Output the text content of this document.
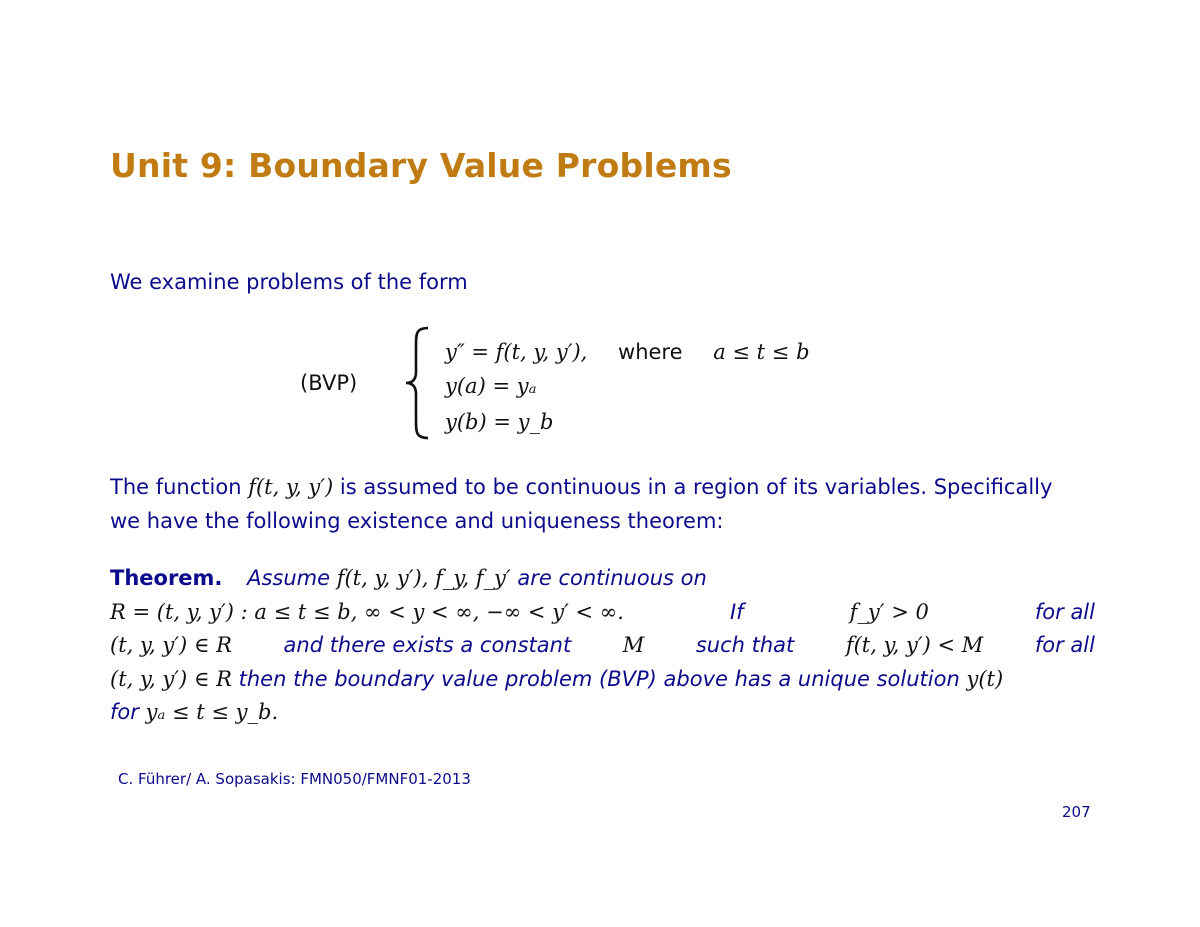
Unit 9: Boundary Value Problems
We examine problems of the form
(BVP)
y″ = f(t, y, y′), where a ≤ t ≤ b
y(a) = yₐ
y(b) = y_b
The function f(t, y, y′) is assumed to be continuous in a region of its variables. Specifically
we have the following existence and uniqueness theorem:
Theorem. Assume f(t, y, y′), f_y, f_y′ are continuous on
R = (t, y, y′) : a ≤ t ≤ b, ∞ < y < ∞, −∞ < y′ < ∞.	If	f_y′ > 0	for all
(t, y, y′) ∈ R and there exists a constant M such that f(t, y, y′) < M for all
(t, y, y′) ∈ R then the boundary value problem (BVP) above has a unique solution y(t)
for yₐ ≤ t ≤ y_b.
C. Führer/ A. Sopasakis: FMN050/FMNF01-2013
207
